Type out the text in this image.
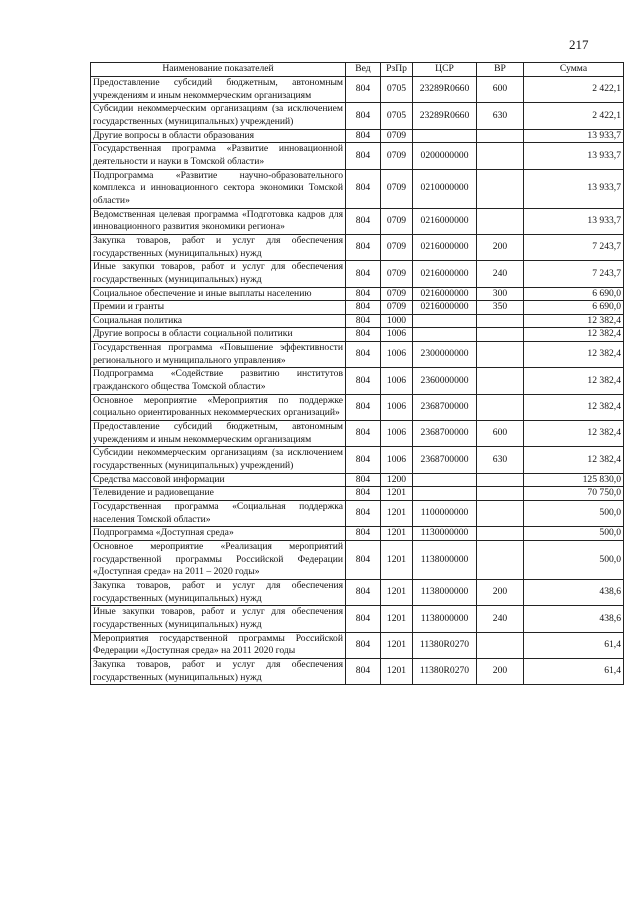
217
Наименование показателей	Вед	РзПр	ЦСР	ВР	Сумма
Предоставление субсидий бюджетным, автономным учреждениям и иным некоммерческим организациям	804	0705	23289R0660	600	2 422,1
Субсидии некоммерческим организациям (за исключением государственных (муниципальных) учреждений)	804	0705	23289R0660	630	2 422,1
Другие вопросы в области образования	804	0709			13 933,7
Государственная программа «Развитие инновационной деятельности и науки в Томской области»	804	0709	0200000000		13 933,7
Подпрограмма «Развитие научно-образовательного комплекса и инновационного сектора экономики Томской области»	804	0709	0210000000		13 933,7
Ведомственная целевая программа «Подготовка кадров для инновационного развития экономики региона»	804	0709	0216000000		13 933,7
Закупка товаров, работ и услуг для обеспечения государственных (муниципальных) нужд	804	0709	0216000000	200	7 243,7
Иные закупки товаров, работ и услуг для обеспечения государственных (муниципальных) нужд	804	0709	0216000000	240	7 243,7
Социальное обеспечение и иные выплаты населению	804	0709	0216000000	300	6 690,0
Премии и гранты	804	0709	0216000000	350	6 690,0
Социальная политика	804	1000			12 382,4
Другие вопросы в области социальной политики	804	1006			12 382,4
Государственная программа «Повышение эффективности регионального и муниципального управления»	804	1006	2300000000		12 382,4
Подпрограмма «Содействие развитию институтов гражданского общества Томской области»	804	1006	2360000000		12 382,4
Основное мероприятие «Мероприятия по поддержке социально ориентированных некоммерческих организаций»	804	1006	2368700000		12 382,4
Предоставление субсидий бюджетным, автономным учреждениям и иным некоммерческим организациям	804	1006	2368700000	600	12 382,4
Субсидии некоммерческим организациям (за исключением государственных (муниципальных) учреждений)	804	1006	2368700000	630	12 382,4
Средства массовой информации	804	1200			125 830,0
Телевидение и радиовещание	804	1201			70 750,0
Государственная программа «Социальная поддержка населения Томской области»	804	1201	1100000000		500,0
Подпрограмма «Доступная среда»	804	1201	1130000000		500,0
Основное мероприятие «Реализация мероприятий государственной программы Российской Федерации «Доступная среда» на 2011 – 2020 годы»	804	1201	1138000000		500,0
Закупка товаров, работ и услуг для обеспечения государственных (муниципальных) нужд	804	1201	1138000000	200	438,6
Иные закупки товаров, работ и услуг для обеспечения государственных (муниципальных) нужд	804	1201	1138000000	240	438,6
Мероприятия государственной программы Российской Федерации «Доступная среда» на 2011 2020 годы	804	1201	11380R0270		61,4
Закупка товаров, работ и услуг для обеспечения государственных (муниципальных) нужд	804	1201	11380R0270	200	61,4
